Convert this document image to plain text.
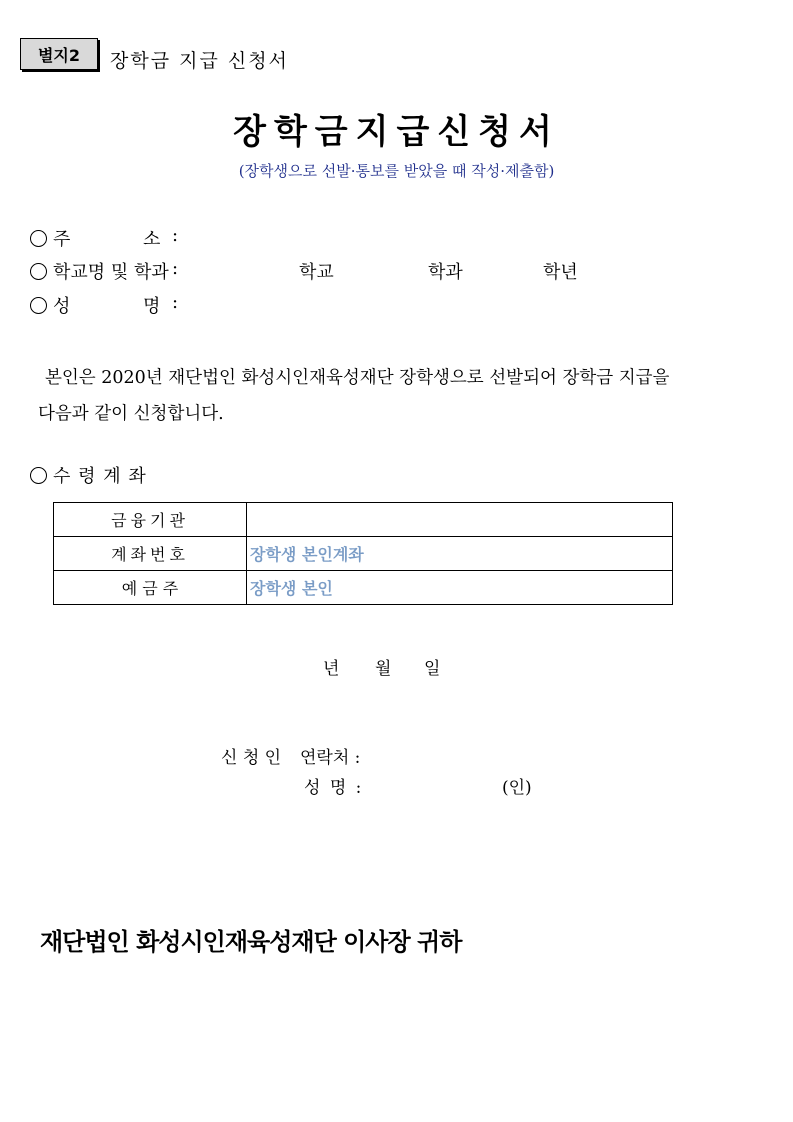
별지2 장학금 지급 신청서
장학금지급신청서
(장학생으로 선발·통보를 받았을 때 작성·제출함)
주	소 :
학교명 및 학과 :	학교	학과	학년
성	명 :
본인은 2020년 재단법인 화성시인재육성재단 장학생으로 선발되어 장학금 지급을
다음과 같이 신청합니다.
수 령 계 좌
금융기관	
계좌번호	장학생 본인계좌
예 금 주	장학생 본인
년 월 일
신 청 인 연락처 :
성 명 :	(인)
재단법인 화성시인재육성재단 이사장 귀하
